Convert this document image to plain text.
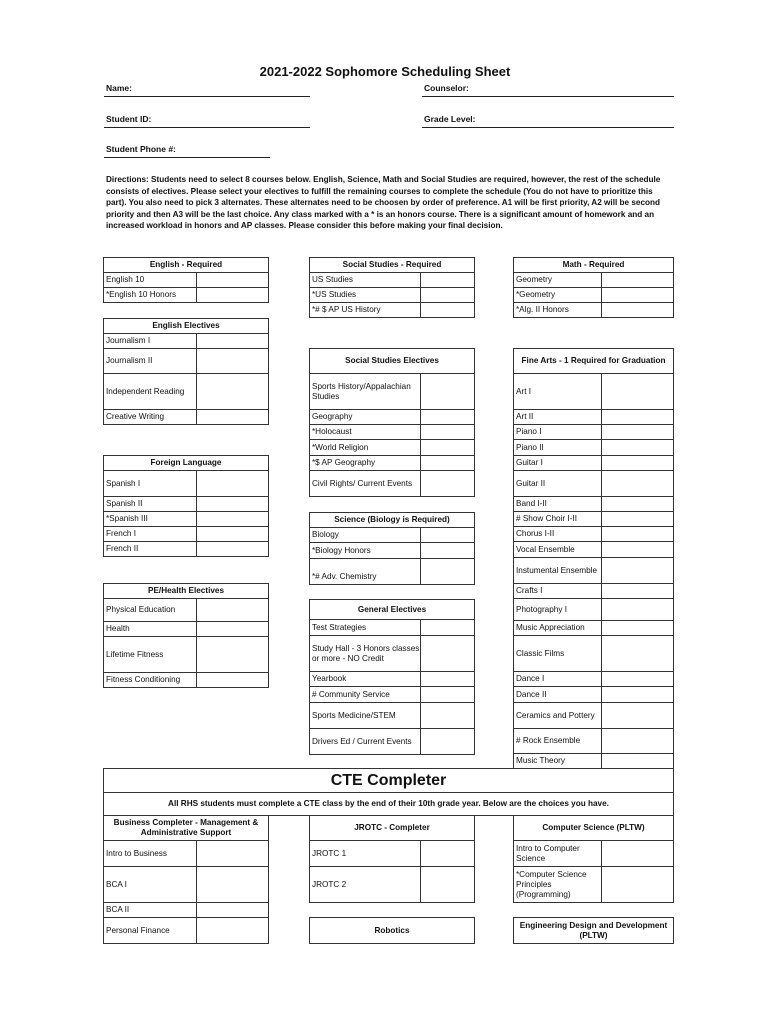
2021-2022 Sophomore Scheduling Sheet
Name:	Counselor:
Student ID:	Grade Level:
Student Phone #:
Directions: Students need to select 8 courses below. English, Science, Math and Social Studies are required, however, the rest of the schedule consists of electives. Please select your electives to fulfill the remaining courses to complete the schedule (You do not have to prioritize this part). You also need to pick 3 alternates. These alternates need to be choosen by order of preference. A1 will be first priority, A2 will be second priority and then A3 will be the last choice. Any class marked with a * is an honors course. There is a significant amount of homework and an increased workload in honors and AP classes. Please consider this before making your final decision.
English - Required
English 10
*English 10 Honors
English Electives
Journalism I
Journalism II
Independent Reading
Creative Writing
Foreign Language
Spanish I
Spanish II
*Spanish III
French I
French II
PE/Health Electives
Physical Education
Health
Lifetime Fitness
Fitness Conditioning
Social Studies - Required
US Studies
*US Studies
*# $ AP US History
Social Studies Electives
Sports History/Appalachian Studies
Geography
*Holocaust
*World Religion
*$ AP Geography
Civil Rights/ Current Events
Science (Biology is Required)
Biology
*Biology Honors
*# Adv. Chemistry
General Electives
Test Strategies
Study Hall - 3 Honors classes or more - NO Credit
Yearbook
# Community Service
Sports Medicine/STEM
Drivers Ed / Current Events
Math - Required
Geometry
*Geometry
*Alg. II Honors
Fine Arts - 1 Required for Graduation
Art I
Art II
Piano I
Piano II
Guitar I
Guitar II
Band I-II
# Show Choir I-II
Chorus I-II
Vocal Ensemble
Instumental Ensemble
Crafts I
Photography I
Music Appreciation
Classic Films
Dance I
Dance II
Ceramics and Pottery
# Rock Ensemble
Music Theory
CTE Completer
All RHS students must complete a CTE class by the end of their 10th grade year. Below are the choices you have.
Business Completer - Management & Administrative Support
Intro to Business
BCA I
BCA II
Personal Finance
JROTC - Completer
JROTC 1
JROTC 2
Robotics
Computer Science (PLTW)
Intro to Computer Science
*Computer Science Principles (Programming)
Engineering Design and Development (PLTW)
